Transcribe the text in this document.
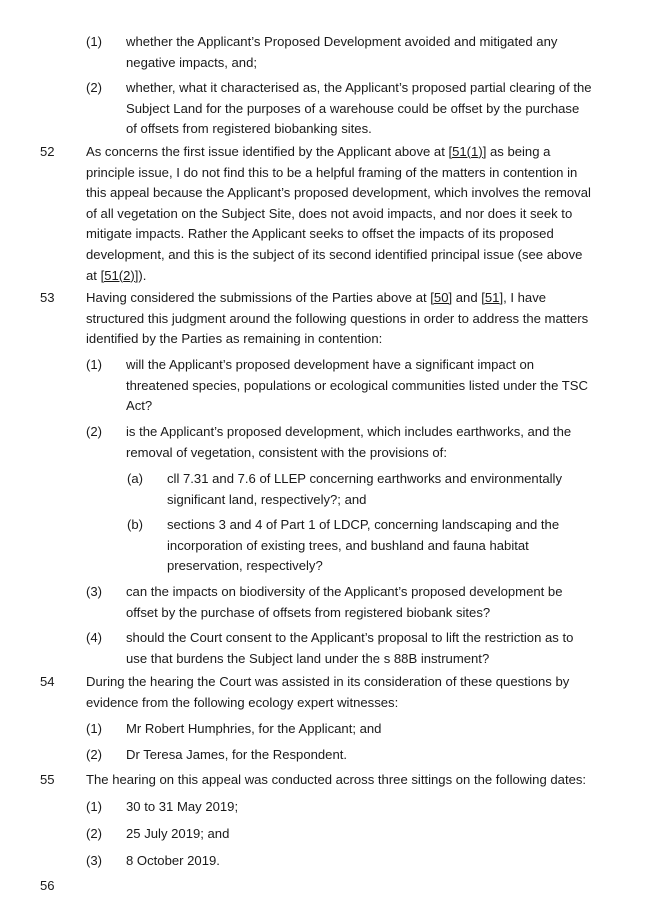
(1) whether the Applicant’s Proposed Development avoided and mitigated any
negative impacts, and;
(2) whether, what it characterised as, the Applicant’s proposed partial clearing of the
Subject Land for the purposes of a warehouse could be offset by the purchase
of offsets from registered biobanking sites.
52 As concerns the first issue identified by the Applicant above at [51(1)] as being a
principle issue, I do not find this to be a helpful framing of the matters in contention in
this appeal because the Applicant’s proposed development, which involves the removal
of all vegetation on the Subject Site, does not avoid impacts, and nor does it seek to
mitigate impacts. Rather the Applicant seeks to offset the impacts of its proposed
development, and this is the subject of its second identified principal issue (see above
at [51(2)]).
53 Having considered the submissions of the Parties above at [50] and [51], I have
structured this judgment around the following questions in order to address the matters
identified by the Parties as remaining in contention:
(1) will the Applicant’s proposed development have a significant impact on
threatened species, populations or ecological communities listed under the TSC
Act?
(2) is the Applicant’s proposed development, which includes earthworks, and the
removal of vegetation, consistent with the provisions of:
(a) cll 7.31 and 7.6 of LLEP concerning earthworks and environmentally
significant land, respectively?; and
(b) sections 3 and 4 of Part 1 of LDCP, concerning landscaping and the
incorporation of existing trees, and bushland and fauna habitat
preservation, respectively?
(3) can the impacts on biodiversity of the Applicant’s proposed development be
offset by the purchase of offsets from registered biobank sites?
(4) should the Court consent to the Applicant’s proposal to lift the restriction as to
use that burdens the Subject land under the s 88B instrument?
54 During the hearing the Court was assisted in its consideration of these questions by
evidence from the following ecology expert witnesses:
(1) Mr Robert Humphries, for the Applicant; and
(2) Dr Teresa James, for the Respondent.
55 The hearing on this appeal was conducted across three sittings on the following dates:
(1) 30 to 31 May 2019;
(2) 25 July 2019; and
(3) 8 October 2019.
56
